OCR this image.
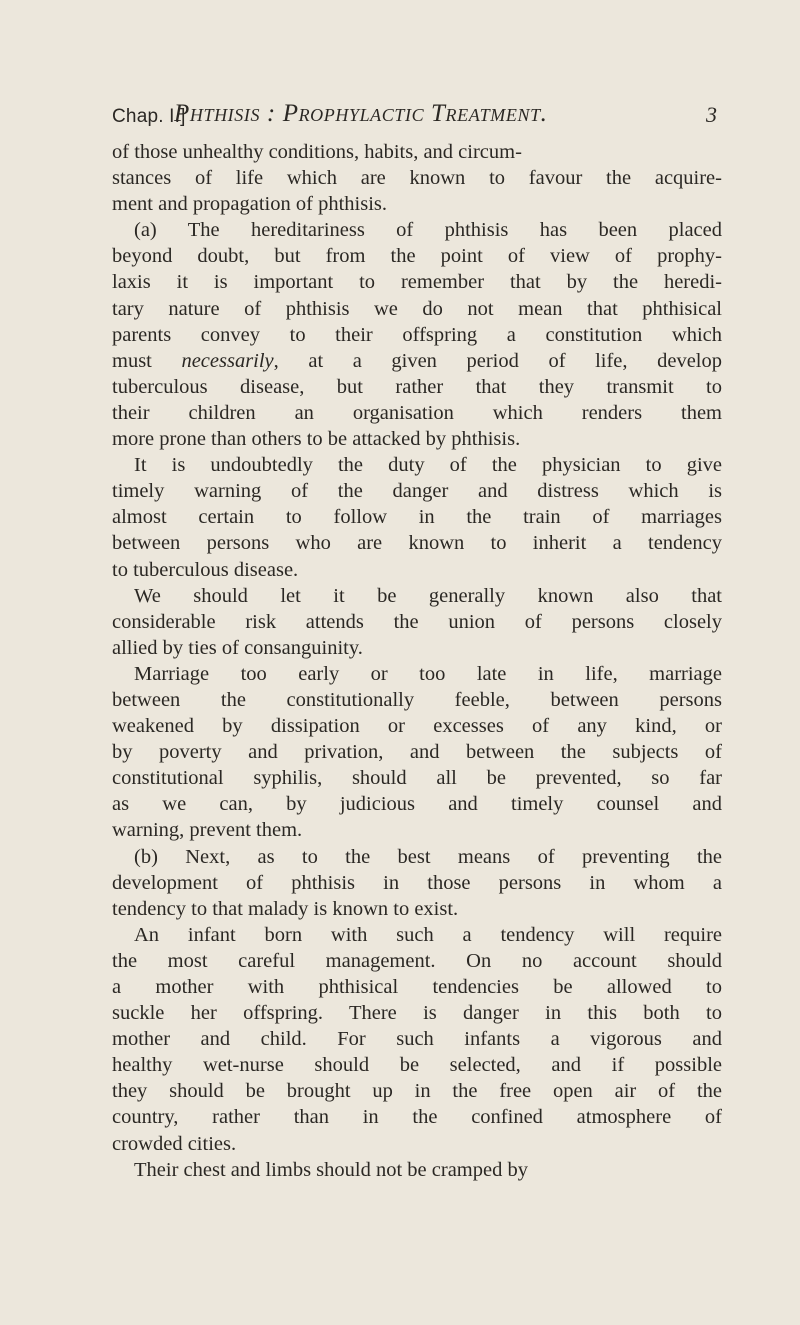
Chap. I.]
Phthisis : Prophylactic Treatment.	3
of those unhealthy conditions, habits, and circum-
stances of life which are known to favour the acquire-
ment and propagation of phthisis.
(a) The hereditariness of phthisis has been placed
beyond doubt, but from the point of view of prophy-
laxis it is important to remember that by the heredi-
tary nature of phthisis we do not mean that phthisical
parents convey to their offspring a constitution which
must necessarily, at a given period of life, develop
tuberculous disease, but rather that they transmit to
their children an organisation which renders them
more prone than others to be attacked by phthisis.
It is undoubtedly the duty of the physician to give
timely warning of the danger and distress which is
almost certain to follow in the train of marriages
between persons who are known to inherit a tendency
to tuberculous disease.
We should let it be generally known also that
considerable risk attends the union of persons closely
allied by ties of consanguinity.
Marriage too early or too late in life, marriage
between the constitutionally feeble, between persons
weakened by dissipation or excesses of any kind, or
by poverty and privation, and between the subjects of
constitutional syphilis, should all be prevented, so far
as we can, by judicious and timely counsel and
warning, prevent them.
(b) Next, as to the best means of preventing the
development of phthisis in those persons in whom a
tendency to that malady is known to exist.
An infant born with such a tendency will require
the most careful management. On no account should
a mother with phthisical tendencies be allowed to
suckle her offspring. There is danger in this both to
mother and child. For such infants a vigorous and
healthy wet-nurse should be selected, and if possible
they should be brought up in the free open air of the
country, rather than in the confined atmosphere of
crowded cities.
Their chest and limbs should not be cramped by
